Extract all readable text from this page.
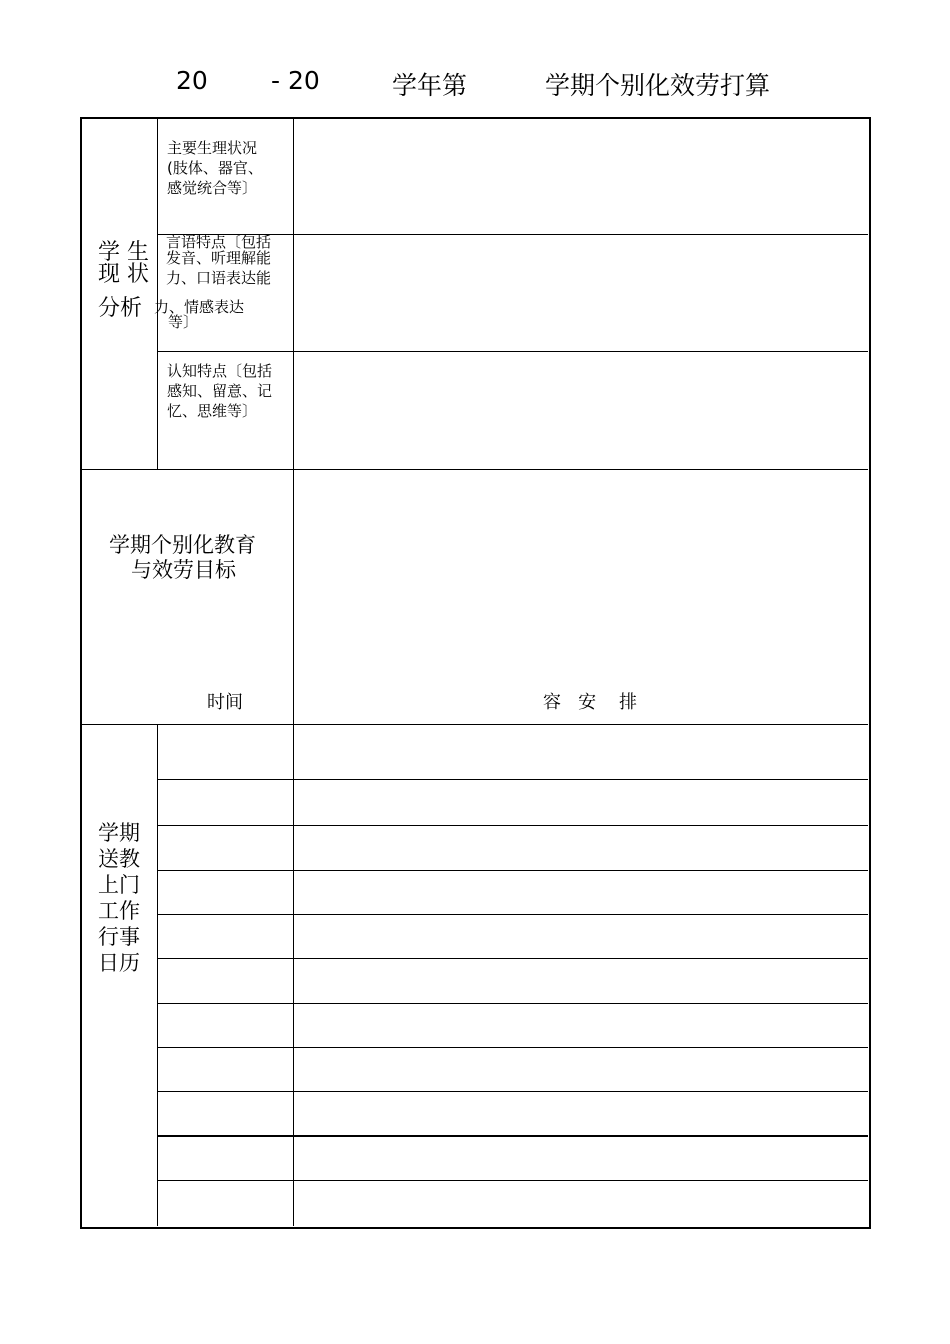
20	- 20	学年第	学期个别化效劳打算
学 生
现 状
分析
主要生理状况
(肢体、器官、
感觉统合等〕
言语特点〔包括
发音、听理解能
力、口语表达能
力、情感表达
等〕
认知特点〔包括
感知、留意、记
忆、思维等〕
学期个别化教育
与效劳目标
时间	容   安    排
学期
送教
上门
工作
行事
日历
